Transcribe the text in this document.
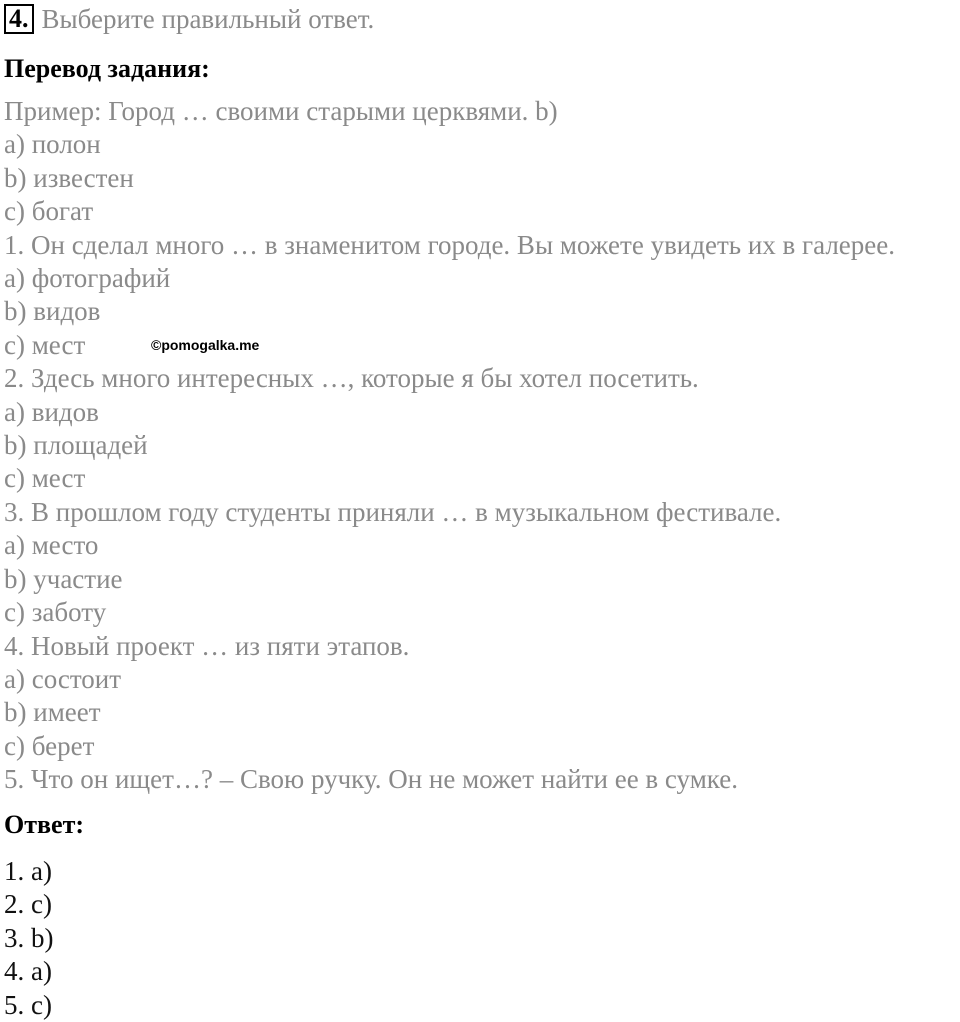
4. Выберите правильный ответ.
Перевод задания:
Пример: Город … своими старыми церквями. b)
a) полон
b) известен
c) богат
1. Он сделал много … в знаменитом городе. Вы можете увидеть их в галерее.
a) фотографий
b) видов
c) мест
2. Здесь много интересных …, которые я бы хотел посетить.
a) видов
b) площадей
c) мест
3. В прошлом году студенты приняли … в музыкальном фестивале.
a) место
b) участие
c) заботу
4. Новый проект … из пяти этапов.
a) состоит
b) имеет
c) берет
5. Что он ищет…? – Свою ручку. Он не может найти ее в сумке.
©pomogalka.me
Ответ:
1. a)
2. c)
3. b)
4. a)
5. c)
